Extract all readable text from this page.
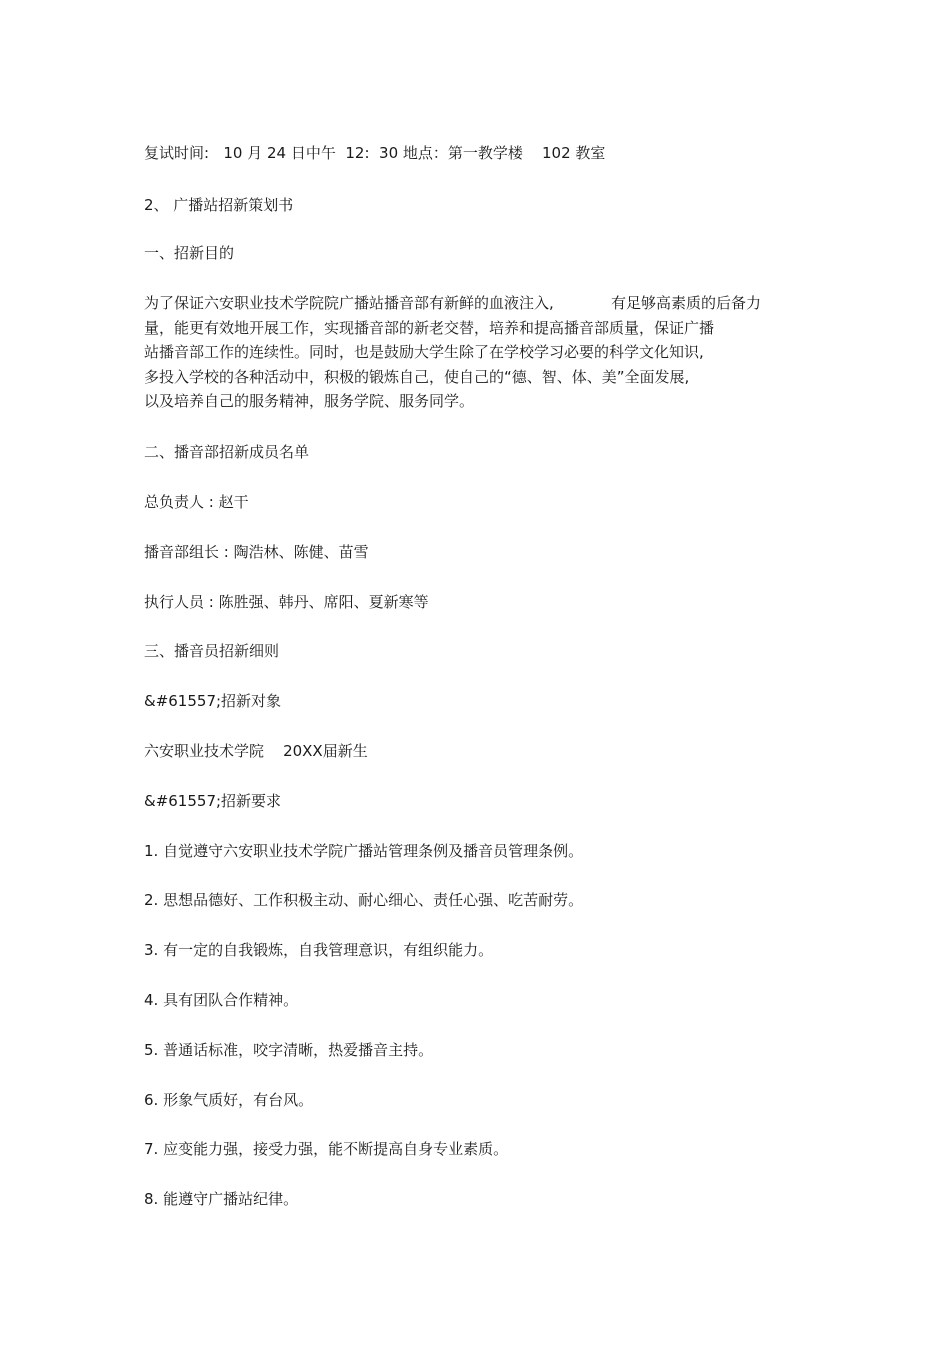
复试时间:   10 月 24 日中午  12:  30 地点：第一教学楼    102 教室

2、 广播站招新策划书

一、招新目的

为了保证六安职业技术学院院广播站播音部有新鲜的血液注入,            有足够高素质的后备力
量，能更有效地开展工作，实现播音部的新老交替，培养和提高播音部质量，保证广播
站播音部工作的连续性。同时，也是鼓励大学生除了在学校学习必要的科学文化知识,
多投入学校的各种活动中，积极的锻炼自己，使自己的“德、智、体、美”全面发展,
以及培养自己的服务精神，服务学院、服务同学。

二、播音部招新成员名单

总负责人 : 赵干

播音部组长 : 陶浩林、陈健、苗雪

执行人员 : 陈胜强、韩丹、席阳、夏新寒等

三、播音员招新细则

&#61557;招新对象

六安职业技术学院    20XX届新生

&#61557;招新要求

1. 自觉遵守六安职业技术学院广播站管理条例及播音员管理条例。

2. 思想品德好、工作积极主动、耐心细心、责任心强、吃苦耐劳。

3. 有一定的自我锻炼，自我管理意识，有组织能力。

4. 具有团队合作精神。

5. 普通话标准，咬字清晰，热爱播音主持。

6. 形象气质好，有台风。

7. 应变能力强，接受力强，能不断提高自身专业素质。

8. 能遵守广播站纪律。
